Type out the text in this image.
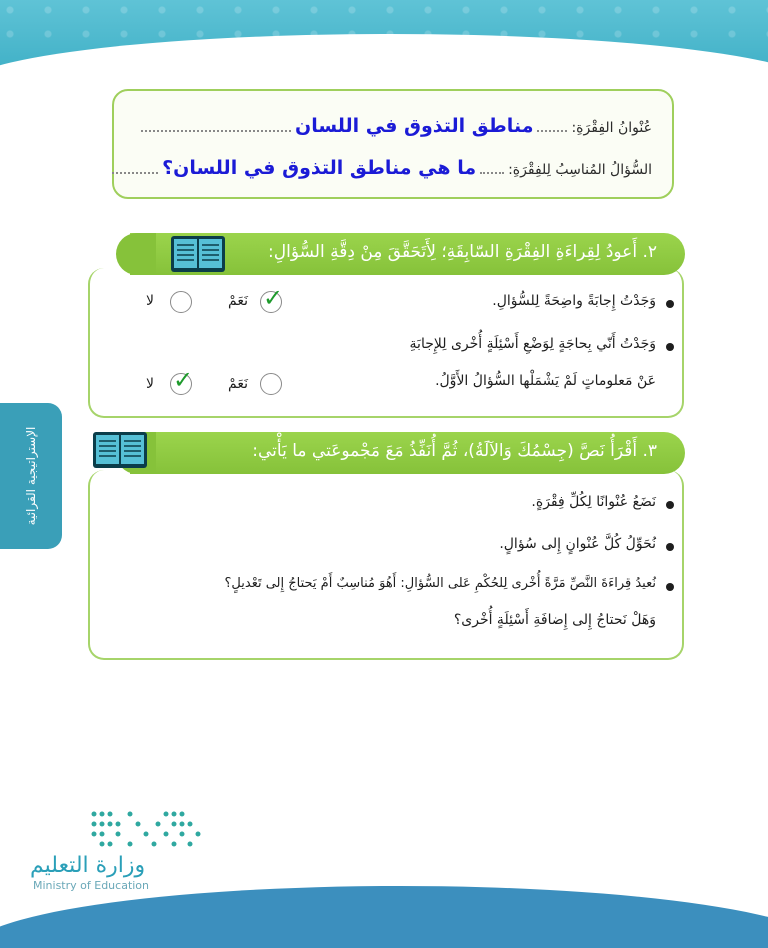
عُنْوانُ الفِقْرَةِ:
مناطق التذوق في اللسان
السُّؤالُ المُناسِبُ لِلفِقْرَةِ:
ما هي مناطق التذوق في اللسان؟
٢. أَعودُ لِقِراءَةِ الفِقْرَةِ السّابِقَةِ؛ لِأَتَحَقَّقَ مِنْ دِقَّةِ السُّؤالِ:
وَجَدْتُ إِجابَةً واضِحَةً لِلسُّؤالِ.
نَعَمْ ✓
لا
وَجَدْتُ أَنّي بِحاجَةٍ لِوَضْعِ أَسْئِلَةٍ أُخْرى لِلإِجابَةِ
عَنْ مَعلوماتٍ لَمْ يَشْمَلْها السُّؤالُ الأَوَّلُ.
نَعَمْ
لا ✓
٣. أَقْرَأُ نَصَّ (جِسْمُكَ وَالآلَةُ)، ثُمَّ أُنَفِّذُ مَعَ مَجْموعَتي ما يَأْتي:
نَضَعُ عُنْوانًا لِكُلِّ فِقْرَةٍ.
نُحَوِّلُ كُلَّ عُنْوانٍ إِلى سُؤالٍ.
نُعيدُ قِراءَةَ النَّصِّ مَرَّةً أُخْرى لِلحُكْمِ عَلى السُّؤالِ: أَهُوَ مُناسِبٌ أَمْ يَحتاجُ إِلى تَعْديلٍ؟
وَهَلْ نَحتاجُ إِلى إِضافَةِ أَسْئِلَةٍ أُخْرى؟
الإستراتيجية القرائية
وزارة التعليم
Ministry of Education
٤٥
